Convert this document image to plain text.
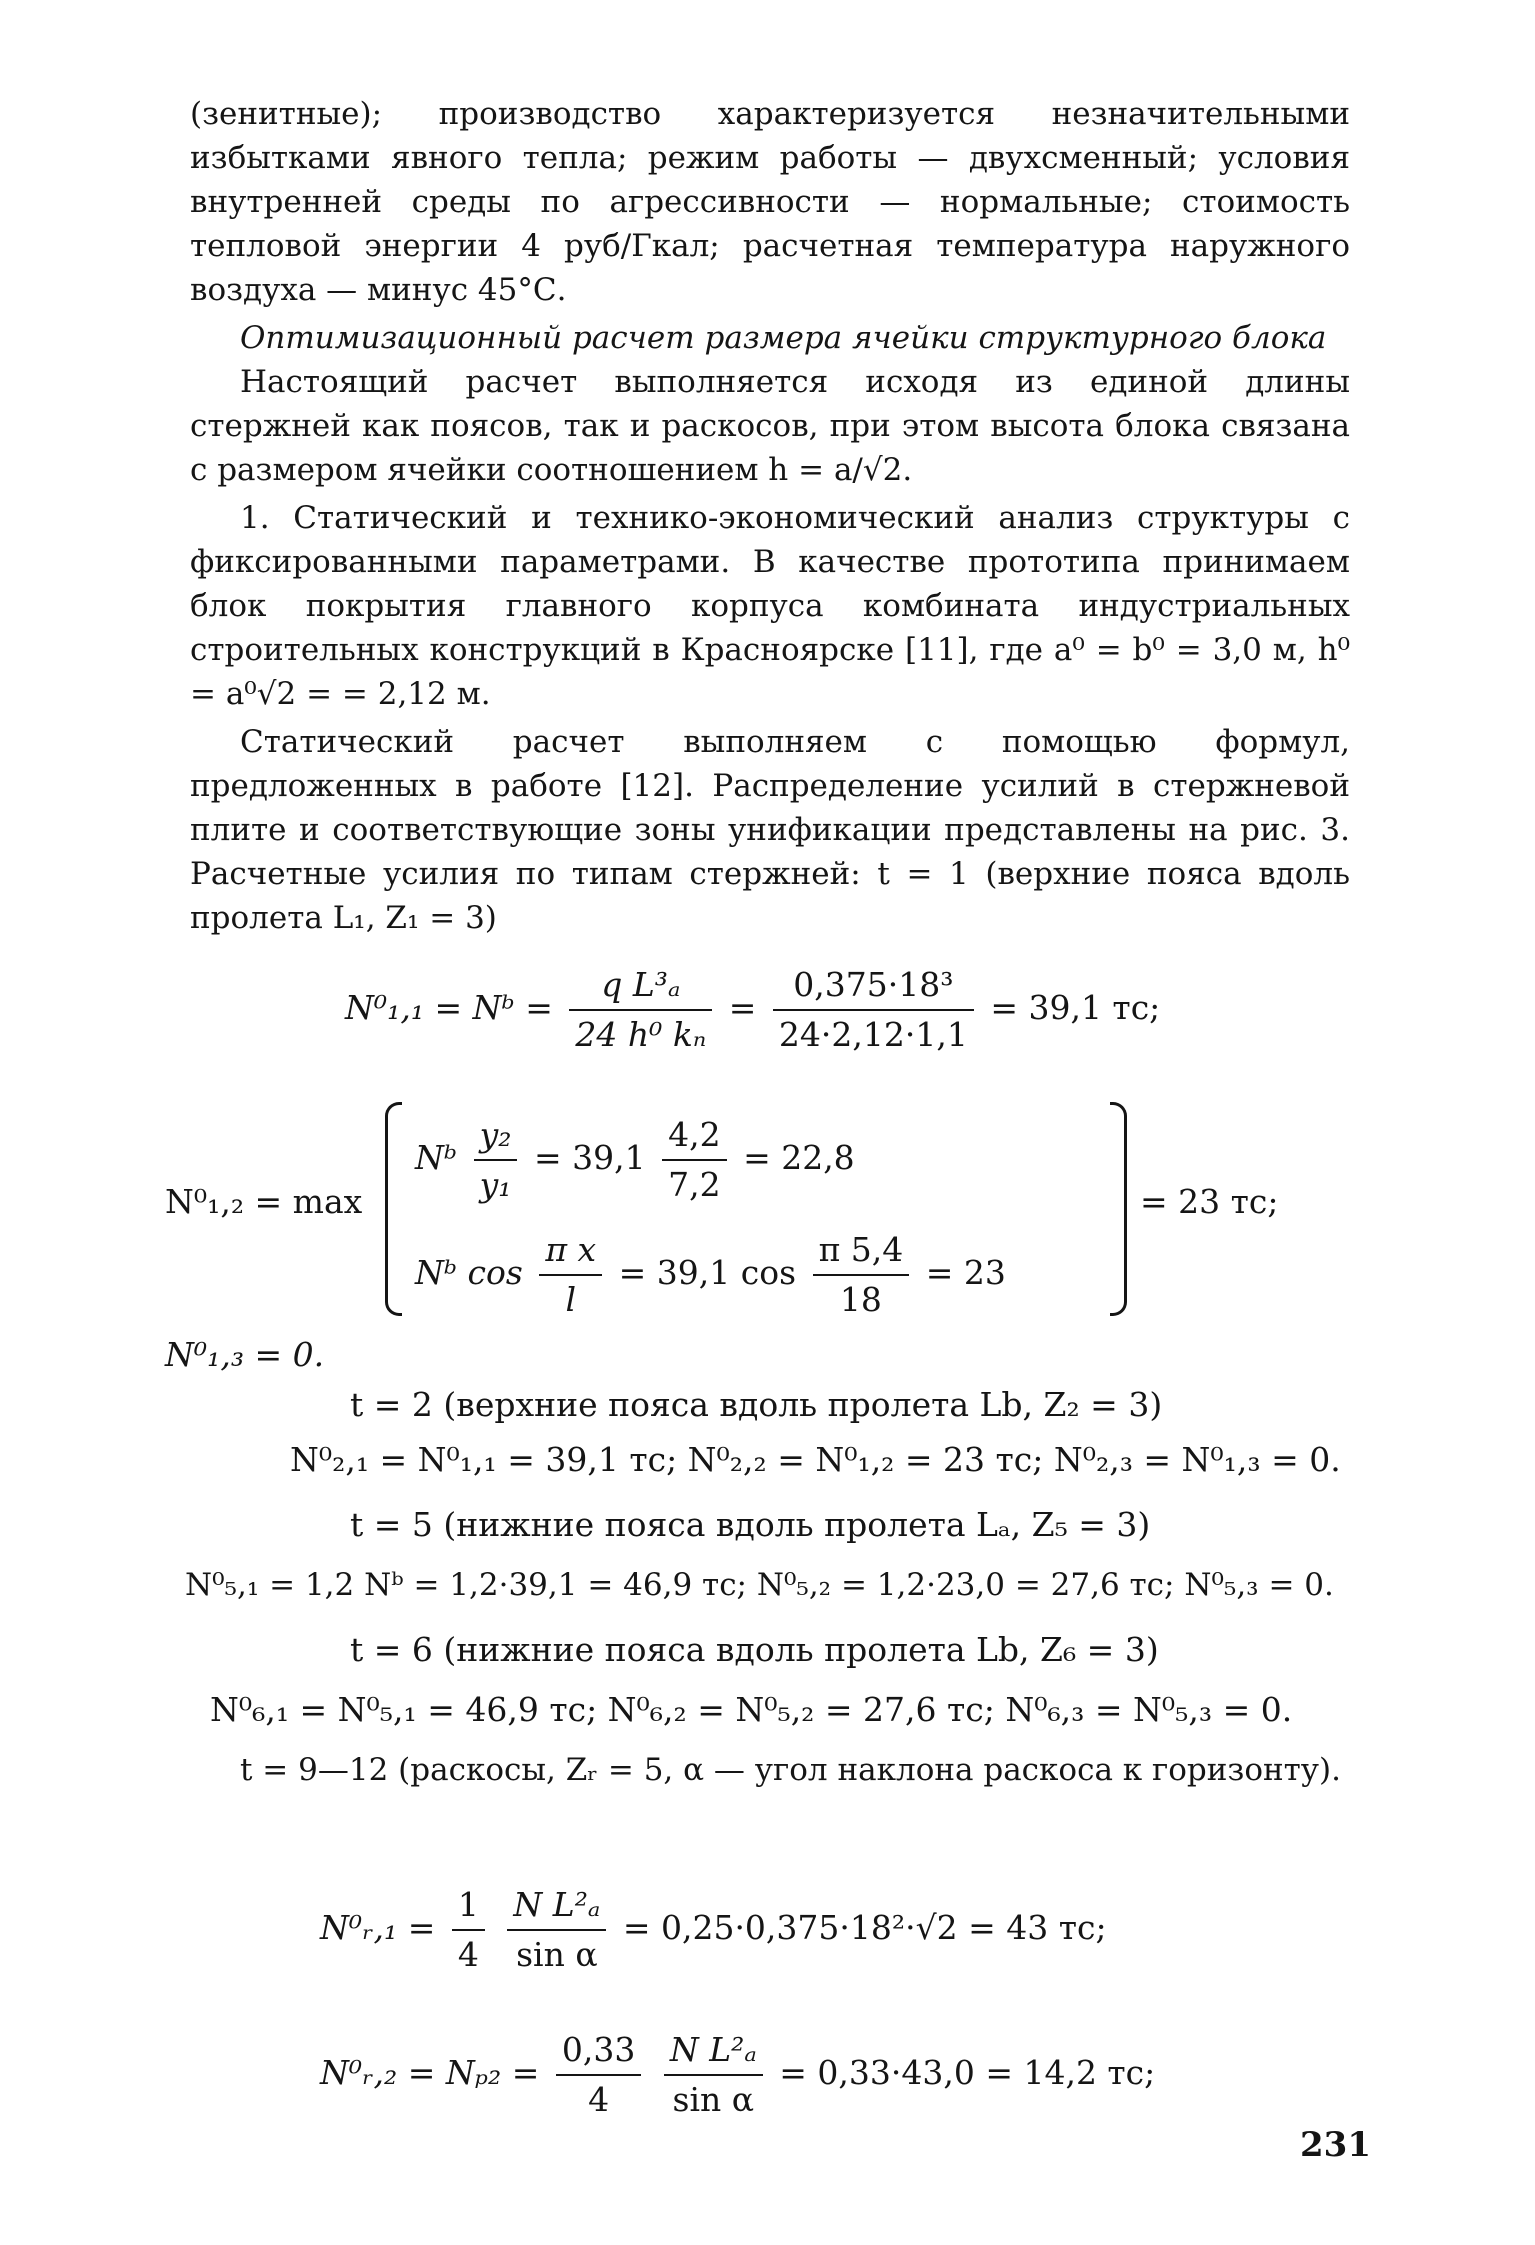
(зенитные); производство характеризуется незначительными избытками явного тепла; режим работы — двухсменный; условия внутренней среды по агрессивности — нормальные; стоимость тепловой энергии 4 руб/Гкал; расчетная температура наружного воздуха — минус 45°С.

Оптимизационный расчет размера ячейки структурного блока

Настоящий расчет выполняется исходя из единой длины стержней как поясов, так и раскосов, при этом высота блока связана с размером ячейки соотношением h = a/√2.

1. Статический и технико-экономический анализ структуры с фиксированными параметрами. В качестве прототипа принимаем блок покрытия главного корпуса комбината индустриальных строительных конструкций в Красноярске [11], где a⁰ = b⁰ = 3,0 м, h⁰ = a⁰√2 = = 2,12 м.

Статический расчет выполняем с помощью формул, предложенных в работе [12]. Распределение усилий в стержневой плите и соответствующие зоны унификации представлены на рис. 3. Расчетные усилия по типам стержней: t = 1 (верхние пояса вдоль пролета L₁, Z₁ = 3)

N⁰₁,₁ = Nᵇ = $\frac{\text{q L³ₐ}}{\text{24 h⁰ kₙ}} = \frac{\text{0,375·18³}}{24\cdot 2,12\cdot 1,1} = 39,1$ тс;
N⁰₁,₂ = max
Nᵇ $\frac{\text{y₂}}{\text{y₁}} = 39,1 \frac{4,2}{7,2} = 22,8$
Nᵇ $\cos \frac{\text{π x}}{l} = 39,1$ $\cos \frac{\pi 5,4}{18} = 23$
= 23 тс;
N⁰₁,₃ = 0.
t = 2 (верхние пояса вдоль пролета Lb, Z₂ = 3)
N⁰₂,₁ = N⁰₁,₁ = 39,1 тс; N⁰₂,₂ = N⁰₁,₂ = 23 тс; N⁰₂,₃ = N⁰₁,₃ = 0.
t = 5 (нижние пояса вдоль пролета Lₐ, Z₅ = 3)
N⁰₅,₁ = 1,2 Nᵇ = 1,2·39,1 = 46,9 тс; N⁰₅,₂ = 1,2·23,0 = 27,6 тс; N⁰₅,₃ = 0.
t = 6 (нижние пояса вдоль пролета Lb, Z₆ = 3)
N⁰₆,₁ = N⁰₅,₁ = 46,9 тс; N⁰₆,₂ = N⁰₅,₂ = 27,6 тс; N⁰₆,₃ = N⁰₅,₃ = 0.

t = 9—12 (раскосы, Zᵣ = 5, α — угол наклона раскоса к горизонту).

N⁰ᵣ,₁ = $\frac{1}{4}$
$\frac{\text{N L²ₐ}}{\text{sin α}} = 0,25\cdot 0,375\cdot 18^2\cdot√2 = 43$ тс;
N⁰ᵣ,₂ = $N_{p2} = \frac{0,33}{4}$
$\frac{\text{N L²ₐ}}{\text{sin α}} = 0,33\cdot 43,0 = 14,2$ тс;
231
